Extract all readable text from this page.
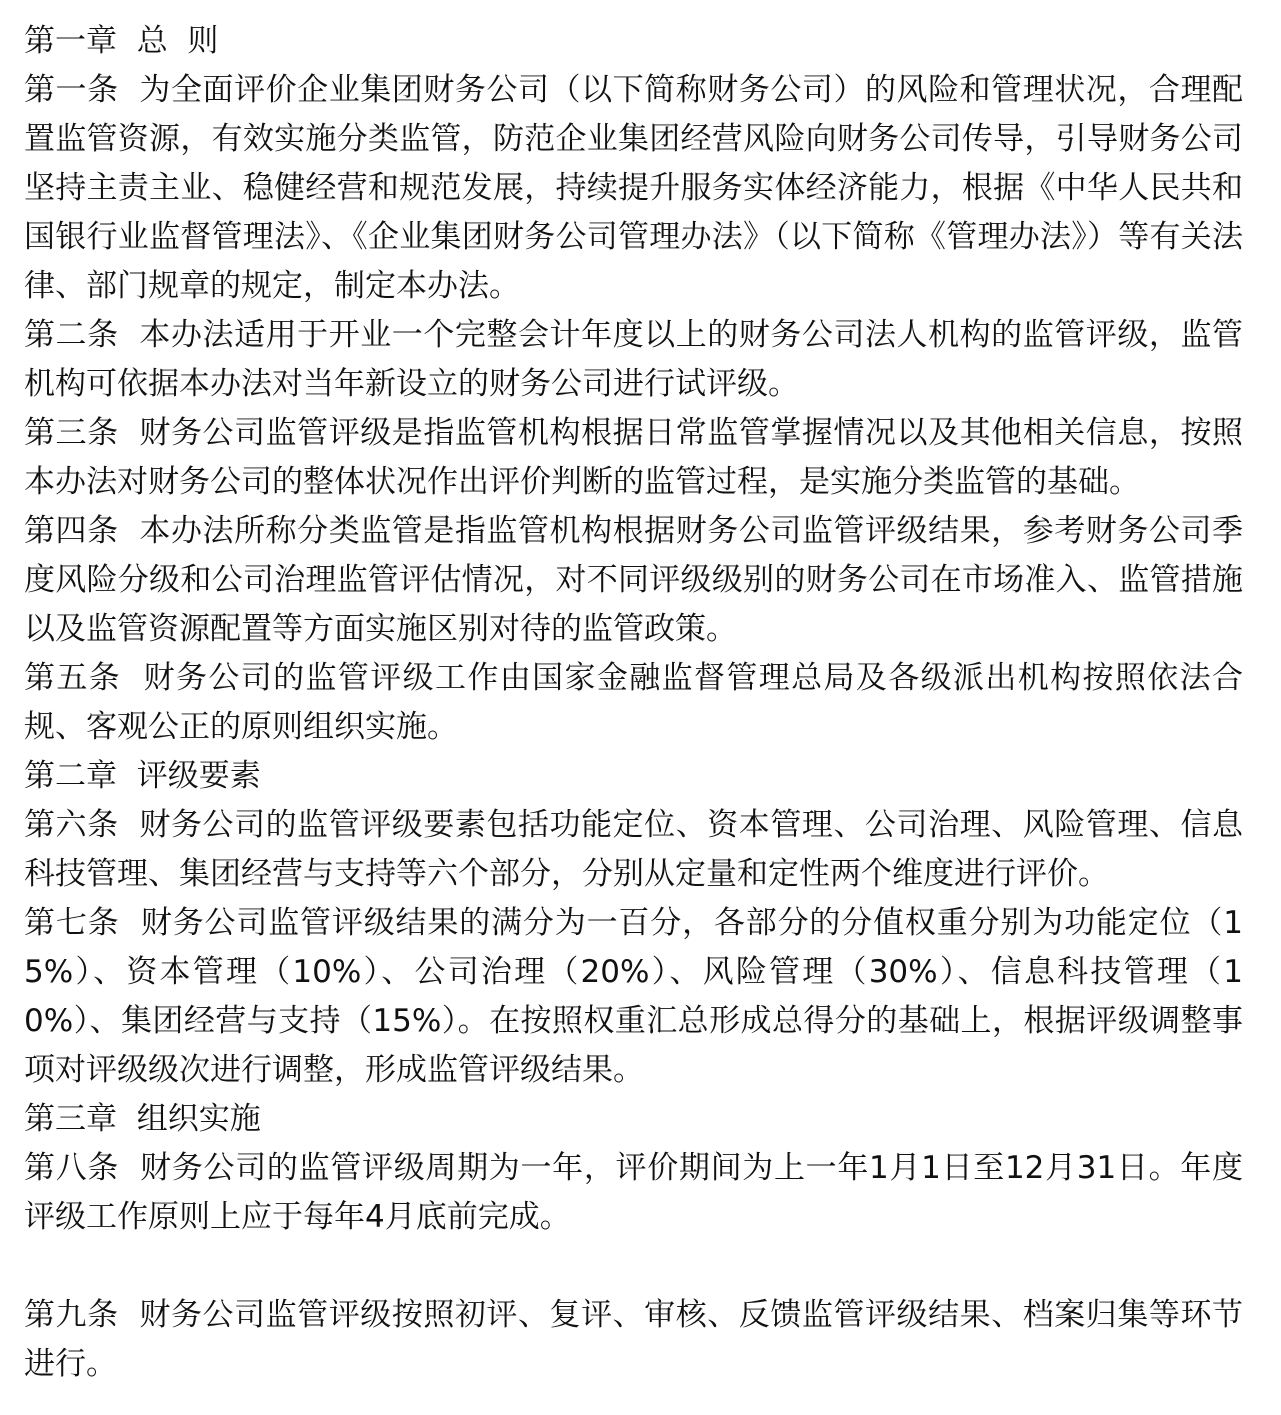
第一章  总  则

第一条  为全面评价企业集团财务公司（以下简称财务公司）的风险和管理状况，合理配置监管资源，有效实施分类监管，防范企业集团经营风险向财务公司传导，引导财务公司坚持主责主业、稳健经营和规范发展，持续提升服务实体经济能力，根据《中华人民共和国银行业监督管理法》、《企业集团财务公司管理办法》（以下简称《管理办法》）等有关法律、部门规章的规定，制定本办法。

第二条  本办法适用于开业一个完整会计年度以上的财务公司法人机构的监管评级，监管机构可依据本办法对当年新设立的财务公司进行试评级。

第三条  财务公司监管评级是指监管机构根据日常监管掌握情况以及其他相关信息，按照本办法对财务公司的整体状况作出评价判断的监管过程，是实施分类监管的基础。

第四条  本办法所称分类监管是指监管机构根据财务公司监管评级结果，参考财务公司季度风险分级和公司治理监管评估情况，对不同评级级别的财务公司在市场准入、监管措施以及监管资源配置等方面实施区别对待的监管政策。

第五条  财务公司的监管评级工作由国家金融监督管理总局及各级派出机构按照依法合规、客观公正的原则组织实施。

第二章  评级要素

第六条  财务公司的监管评级要素包括功能定位、资本管理、公司治理、风险管理、信息科技管理、集团经营与支持等六个部分，分别从定量和定性两个维度进行评价。

第七条  财务公司监管评级结果的满分为一百分，各部分的分值权重分别为功能定位（15%）、资本管理（10%）、公司治理（20%）、风险管理（30%）、信息科技管理（10%）、集团经营与支持（15%）。在按照权重汇总形成总得分的基础上，根据评级调整事项对评级级次进行调整，形成监管评级结果。

第三章  组织实施

第八条  财务公司的监管评级周期为一年，评价期间为上一年1月1日至12月31日。年度评级工作原则上应于每年4月底前完成。

第九条  财务公司监管评级按照初评、复评、审核、反馈监管评级结果、档案归集等环节进行。
